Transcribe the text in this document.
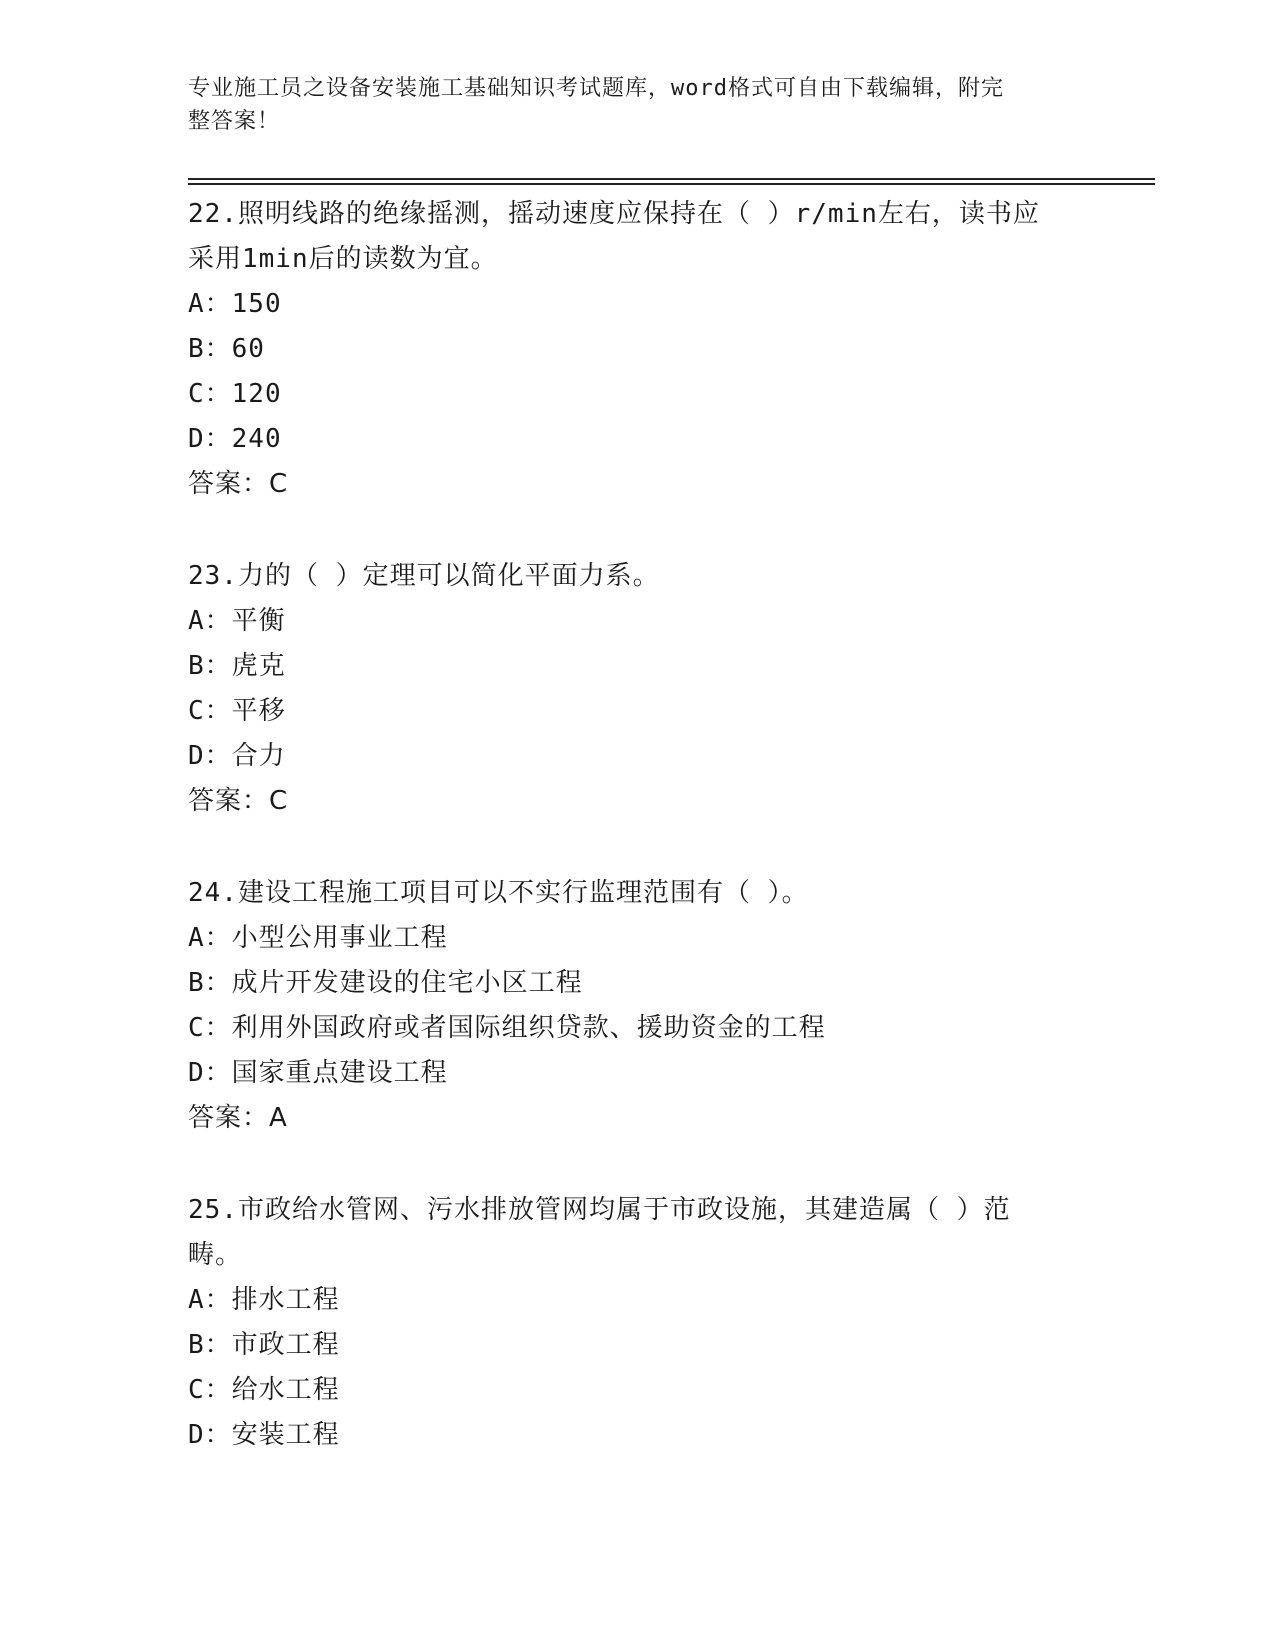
专业施工员之设备安装施工基础知识考试题库，word格式可自由下载编辑，附完
整答案！
22.照明线路的绝缘摇测，摇动速度应保持在（ ）r/min左右，读书应
采用1min后的读数为宜。
A：150
B：60
C：120
D：240
答案：C
23.力的（ ）定理可以简化平面力系。
A：平衡
B：虎克
C：平移
D：合力
答案：C
24.建设工程施工项目可以不实行监理范围有（ ）。
A：小型公用事业工程
B：成片开发建设的住宅小区工程
C：利用外国政府或者国际组织贷款、援助资金的工程
D：国家重点建设工程
答案：A
25.市政给水管网、污水排放管网均属于市政设施，其建造属（ ）范
畴。
A：排水工程
B：市政工程
C：给水工程
D：安装工程
